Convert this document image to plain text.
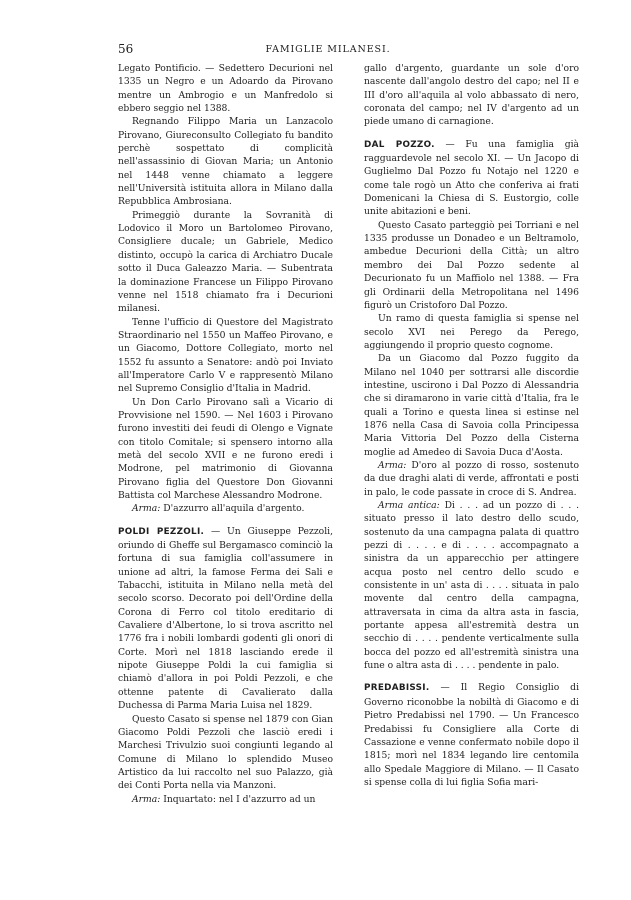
56	FAMIGLIE MILANESI.

Legato Pontificio. — Sedettero Decurioni nel 1335 un Negro e un Adoardo da Pirovano mentre un Ambrogio e un Manfredolo si ebbero seggio nel 1388.

Regnando Filippo Maria un Lanzacolo Pirovano, Giureconsulto Collegiato fu bandito perchè sospettato di complicità nell'assassinio di Giovan Maria; un Antonio nel 1448 venne chiamato a leggere nell'Università istituita allora in Milano dalla Repubblica Ambrosiana.

Primeggiò durante la Sovranità di Lodovico il Moro un Bartolomeo Pirovano, Consigliere ducale; un Gabriele, Medico distinto, occupò la carica di Archiatro Ducale sotto il Duca Galeazzo Maria. — Subentrata la dominazione Francese un Filippo Pirovano venne nel 1518 chiamato fra i Decurioni milanesi.

Tenne l'ufficio di Questore del Magistrato Straordinario nel 1550 un Maffeo Pirovano, e un Giacomo, Dottore Collegiato, morto nel 1552 fu assunto a Senatore: andò poi Inviato all'Imperatore Carlo V e rappresentò Milano nel Supremo Consiglio d'Italia in Madrid.

Un Don Carlo Pirovano salì a Vicario di Provvisione nel 1590. — Nel 1603 i Pirovano furono investiti dei feudi di Olengo e Vignate con titolo Comitale; si spensero intorno alla metà del secolo XVII e ne furono eredi i Modrone, pel matrimonio di Giovanna Pirovano figlia del Questore Don Giovanni Battista col Marchese Alessandro Modrone.

Arma: D'azzurro all'aquila d'argento.

POLDI PEZZOLI. — Un Giuseppe Pezzoli, oriundo di Gheffe sul Bergamasco cominciò la fortuna di sua famiglia coll'assumere in unione ad altri, la famose Ferma dei Sali e Tabacchi, istituita in Milano nella metà del secolo scorso. Decorato poi dell'Ordine della Corona di Ferro col titolo ereditario di Cavaliere d'Albertone, lo si trova ascritto nel 1776 fra i nobili lombardi godenti gli onori di Corte. Morì nel 1818 lasciando erede il nipote Giuseppe Poldi la cui famiglia si chiamò d'allora in poi Poldi Pezzoli, e che ottenne patente di Cavalierato dalla Duchessa di Parma Maria Luisa nel 1829.

Questo Casato si spense nel 1879 con Gian Giacomo Poldi Pezzoli che lasciò eredi i Marchesi Trivulzio suoi congiunti legando al Comune di Milano lo splendido Museo Artistico da lui raccolto nel suo Palazzo, già dei Conti Porta nella via Manzoni.

Arma: Inquartato: nel I d'azzurro ad un

gallo d'argento, guardante un sole d'oro nascente dall'angolo destro del capo; nel II e III d'oro all'aquila al volo abbassato di nero, coronata del campo; nel IV d'argento ad un piede umano di carnagione.

DAL POZZO. — Fu una famiglia già ragguardevole nel secolo XI. — Un Jacopo di Guglielmo Dal Pozzo fu Notajo nel 1220 e come tale rogò un Atto che conferiva ai frati Domenicani la Chiesa di S. Eustorgio, colle unite abitazioni e beni.

Questo Casato parteggiò pei Torriani e nel 1335 produsse un Donadeo e un Beltramolo, ambedue Decurioni della Città; un altro membro dei Dal Pozzo sedente al Decurionato fu un Maffiolo nel 1388. — Fra gli Ordinarii della Metropolitana nel 1496 figurò un Cristoforo Dal Pozzo.

Un ramo di questa famiglia si spense nel secolo XVI nei Perego da Perego, aggiungendo il proprio questo cognome.

Da un Giacomo dal Pozzo fuggito da Milano nel 1040 per sottrarsi alle discordie intestine, uscirono i Dal Pozzo di Alessandria che si diramarono in varie città d'Italia, fra le quali a Torino e questa linea si estinse nel 1876 nella Casa di Savoia colla Principessa Maria Vittoria Del Pozzo della Cisterna moglie ad Amedeo di Savoia Duca d'Aosta.

Arma: D'oro al pozzo di rosso, sostenuto da due draghi alati di verde, affrontati e posti in palo, le code passate in croce di S. Andrea.

Arma antica: Di . . . ad un pozzo di . . . situato presso il lato destro dello scudo, sostenuto da una campagna palata di quattro pezzi di . . . . e di . . . . accompagnato a sinistra da un apparecchio per attingere acqua posto nel centro dello scudo e consistente in un' asta di . . . . situata in palo movente dal centro della campagna, attraversata in cima da altra asta in fascia, portante appesa all'estremità destra un secchio di . . . . pendente verticalmente sulla bocca del pozzo ed all'estremità sinistra una fune o altra asta di . . . . pendente in palo.

PREDABISSI. — Il Regio Consiglio di Governo riconobbe la nobiltà di Giacomo e di Pietro Predabissi nel 1790. — Un Francesco Predabissi fu Consigliere alla Corte di Cassazione e venne confermato nobile dopo il 1815; morì nel 1834 legando lire centomila allo Spedale Maggiore di Milano. — Il Casato si spense colla di lui figlia Sofia mari-
